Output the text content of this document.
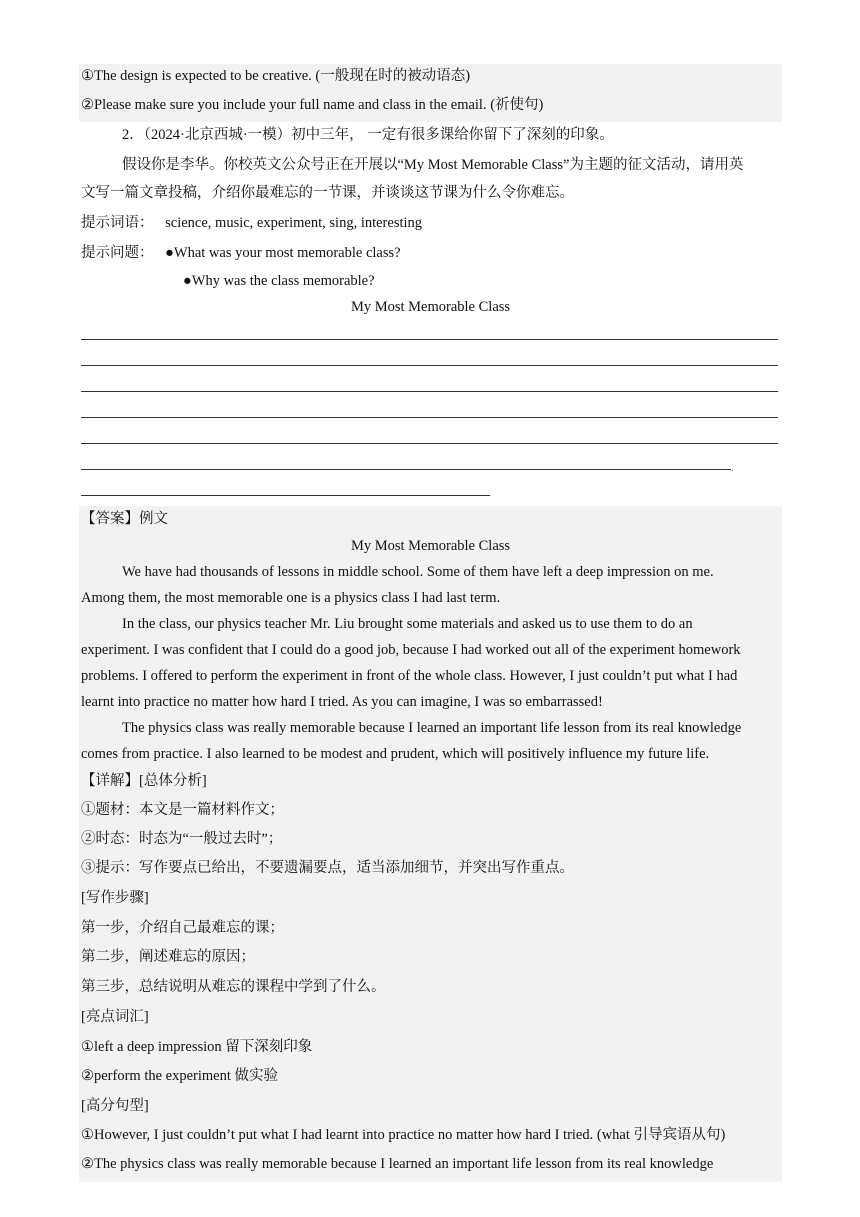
①The design is expected to be creative. (一般现在时的被动语态)
②Please make sure you include your full name and class in the email. (祈使句)
2．（2024·北京西城·一模）初中三年， 一定有很多课给你留下了深刻的印象。
假设你是李华。你校英文公众号正在开展以“My Most Memorable Class”为主题的征文活动，请用英
文写一篇文章投稿，介绍你最难忘的一节课，并谈谈这节课为什么令你难忘。
提示词语： science, music, experiment, sing, interesting
提示问题： ●What was your most memorable class?
●Why was the class memorable?
My Most Memorable Class
.
【答案】例文
My Most Memorable Class
We have had thousands of lessons in middle school. Some of them have left a deep impression on me.
Among them, the most memorable one is a physics class I had last term.
In the class, our physics teacher Mr. Liu brought some materials and asked us to use them to do an
experiment. I was confident that I could do a good job, because I had worked out all of the experiment homework
problems. I offered to perform the experiment in front of the whole class. However, I just couldn’t put what I had
learnt into practice no matter how hard I tried. As you can imagine, I was so embarrassed!
The physics class was really memorable because I learned an important life lesson from its real knowledge
comes from practice. I also learned to be modest and prudent, which will positively influence my future life.
【详解】[总体分析]
①题材：本文是一篇材料作文；
②时态：时态为“一般过去时”；
③提示：写作要点已给出，不要遗漏要点，适当添加细节，并突出写作重点。
[写作步骤]
第一步，介绍自己最难忘的课；
第二步，阐述难忘的原因；
第三步，总结说明从难忘的课程中学到了什么。
[亮点词汇]
①left a deep impression 留下深刻印象
②perform the experiment 做实验
[高分句型]
①However, I just couldn’t put what I had learnt into practice no matter how hard I tried. (what 引导宾语从句)
②The physics class was really memorable because I learned an important life lesson from its real knowledge
